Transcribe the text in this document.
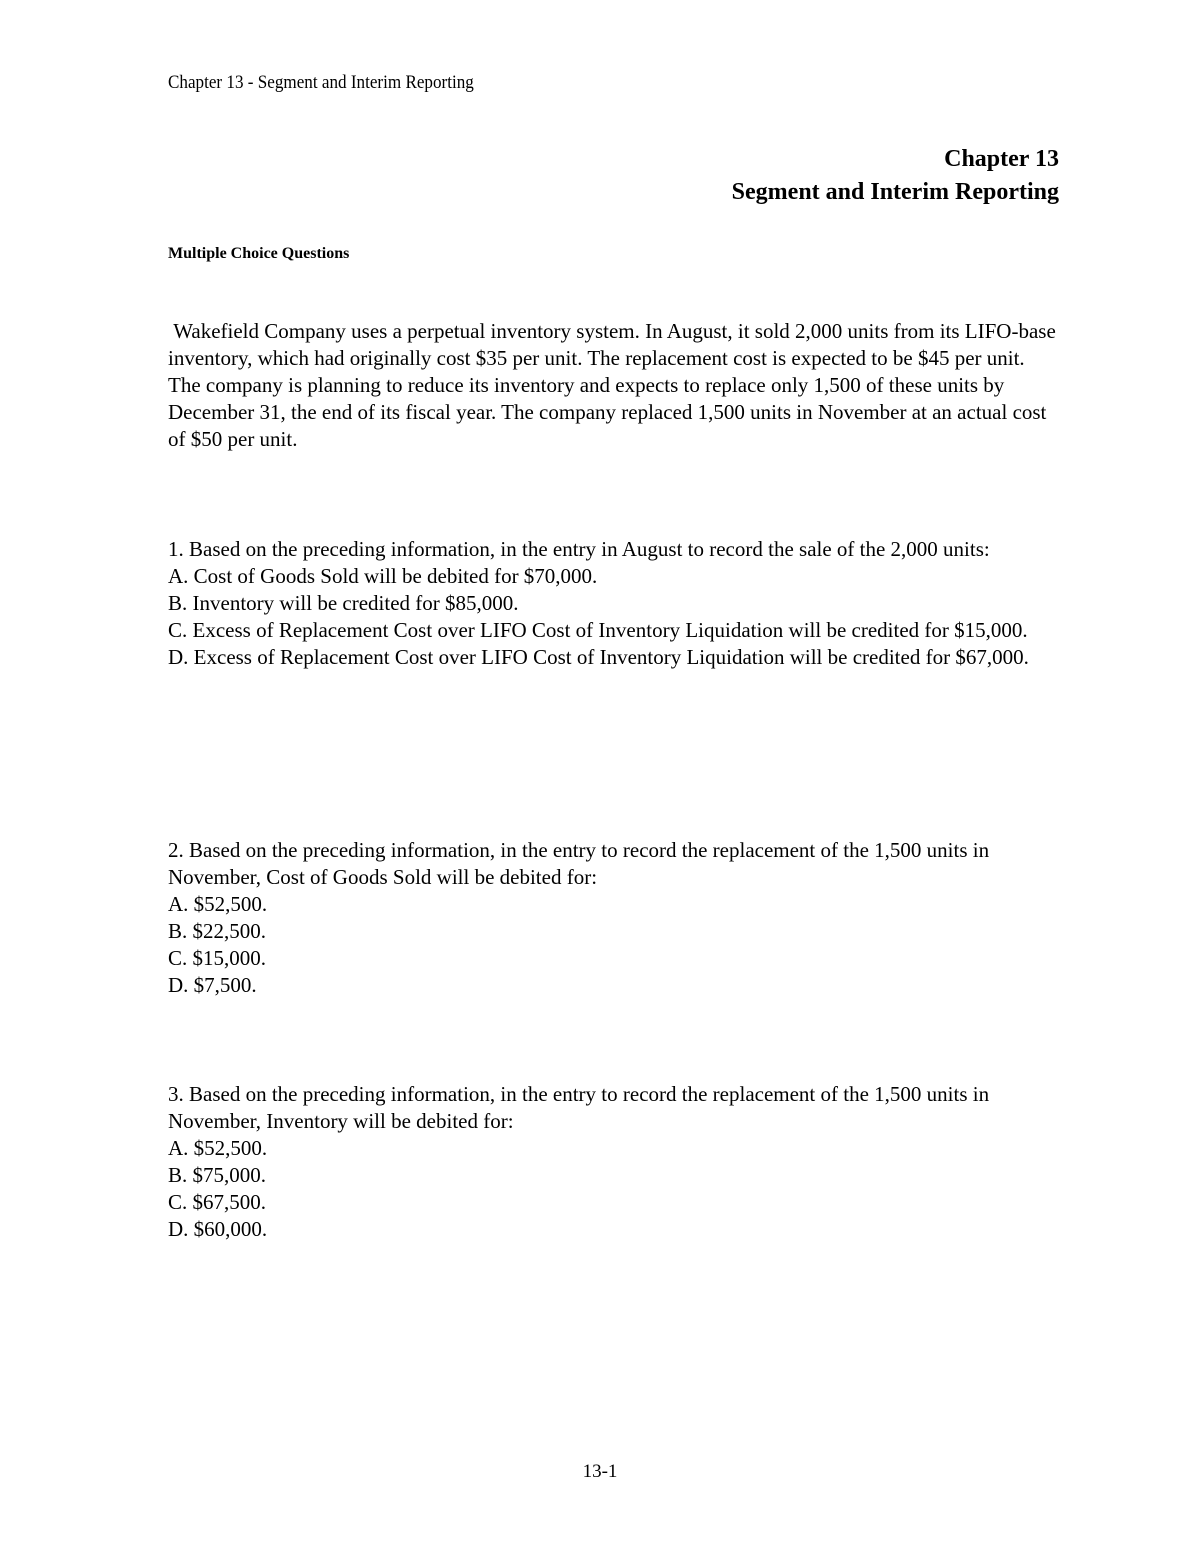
Chapter 13 - Segment and Interim Reporting
Chapter 13
Segment and Interim Reporting
Multiple Choice Questions

Wakefield Company uses a perpetual inventory system. In August, it sold 2,000 units from its LIFO-base inventory, which had originally cost $35 per unit. The replacement cost is expected to be $45 per unit. The company is planning to reduce its inventory and expects to replace only 1,500 of these units by December 31, the end of its fiscal year. The company replaced 1,500 units in November at an actual cost of $50 per unit.

1. Based on the preceding information, in the entry in August to record the sale of the 2,000 units:

A. Cost of Goods Sold will be debited for $70,000.
B. Inventory will be credited for $85,000.
C. Excess of Replacement Cost over LIFO Cost of Inventory Liquidation will be credited for $15,000.
D. Excess of Replacement Cost over LIFO Cost of Inventory Liquidation will be credited for $67,000.

2. Based on the preceding information, in the entry to record the replacement of the 1,500 units in November, Cost of Goods Sold will be debited for:

A. $52,500.
B. $22,500.
C. $15,000.
D. $7,500.

3. Based on the preceding information, in the entry to record the replacement of the 1,500 units in November, Inventory will be debited for:

A. $52,500.
B. $75,000.
C. $67,500.
D. $60,000.
13-1
